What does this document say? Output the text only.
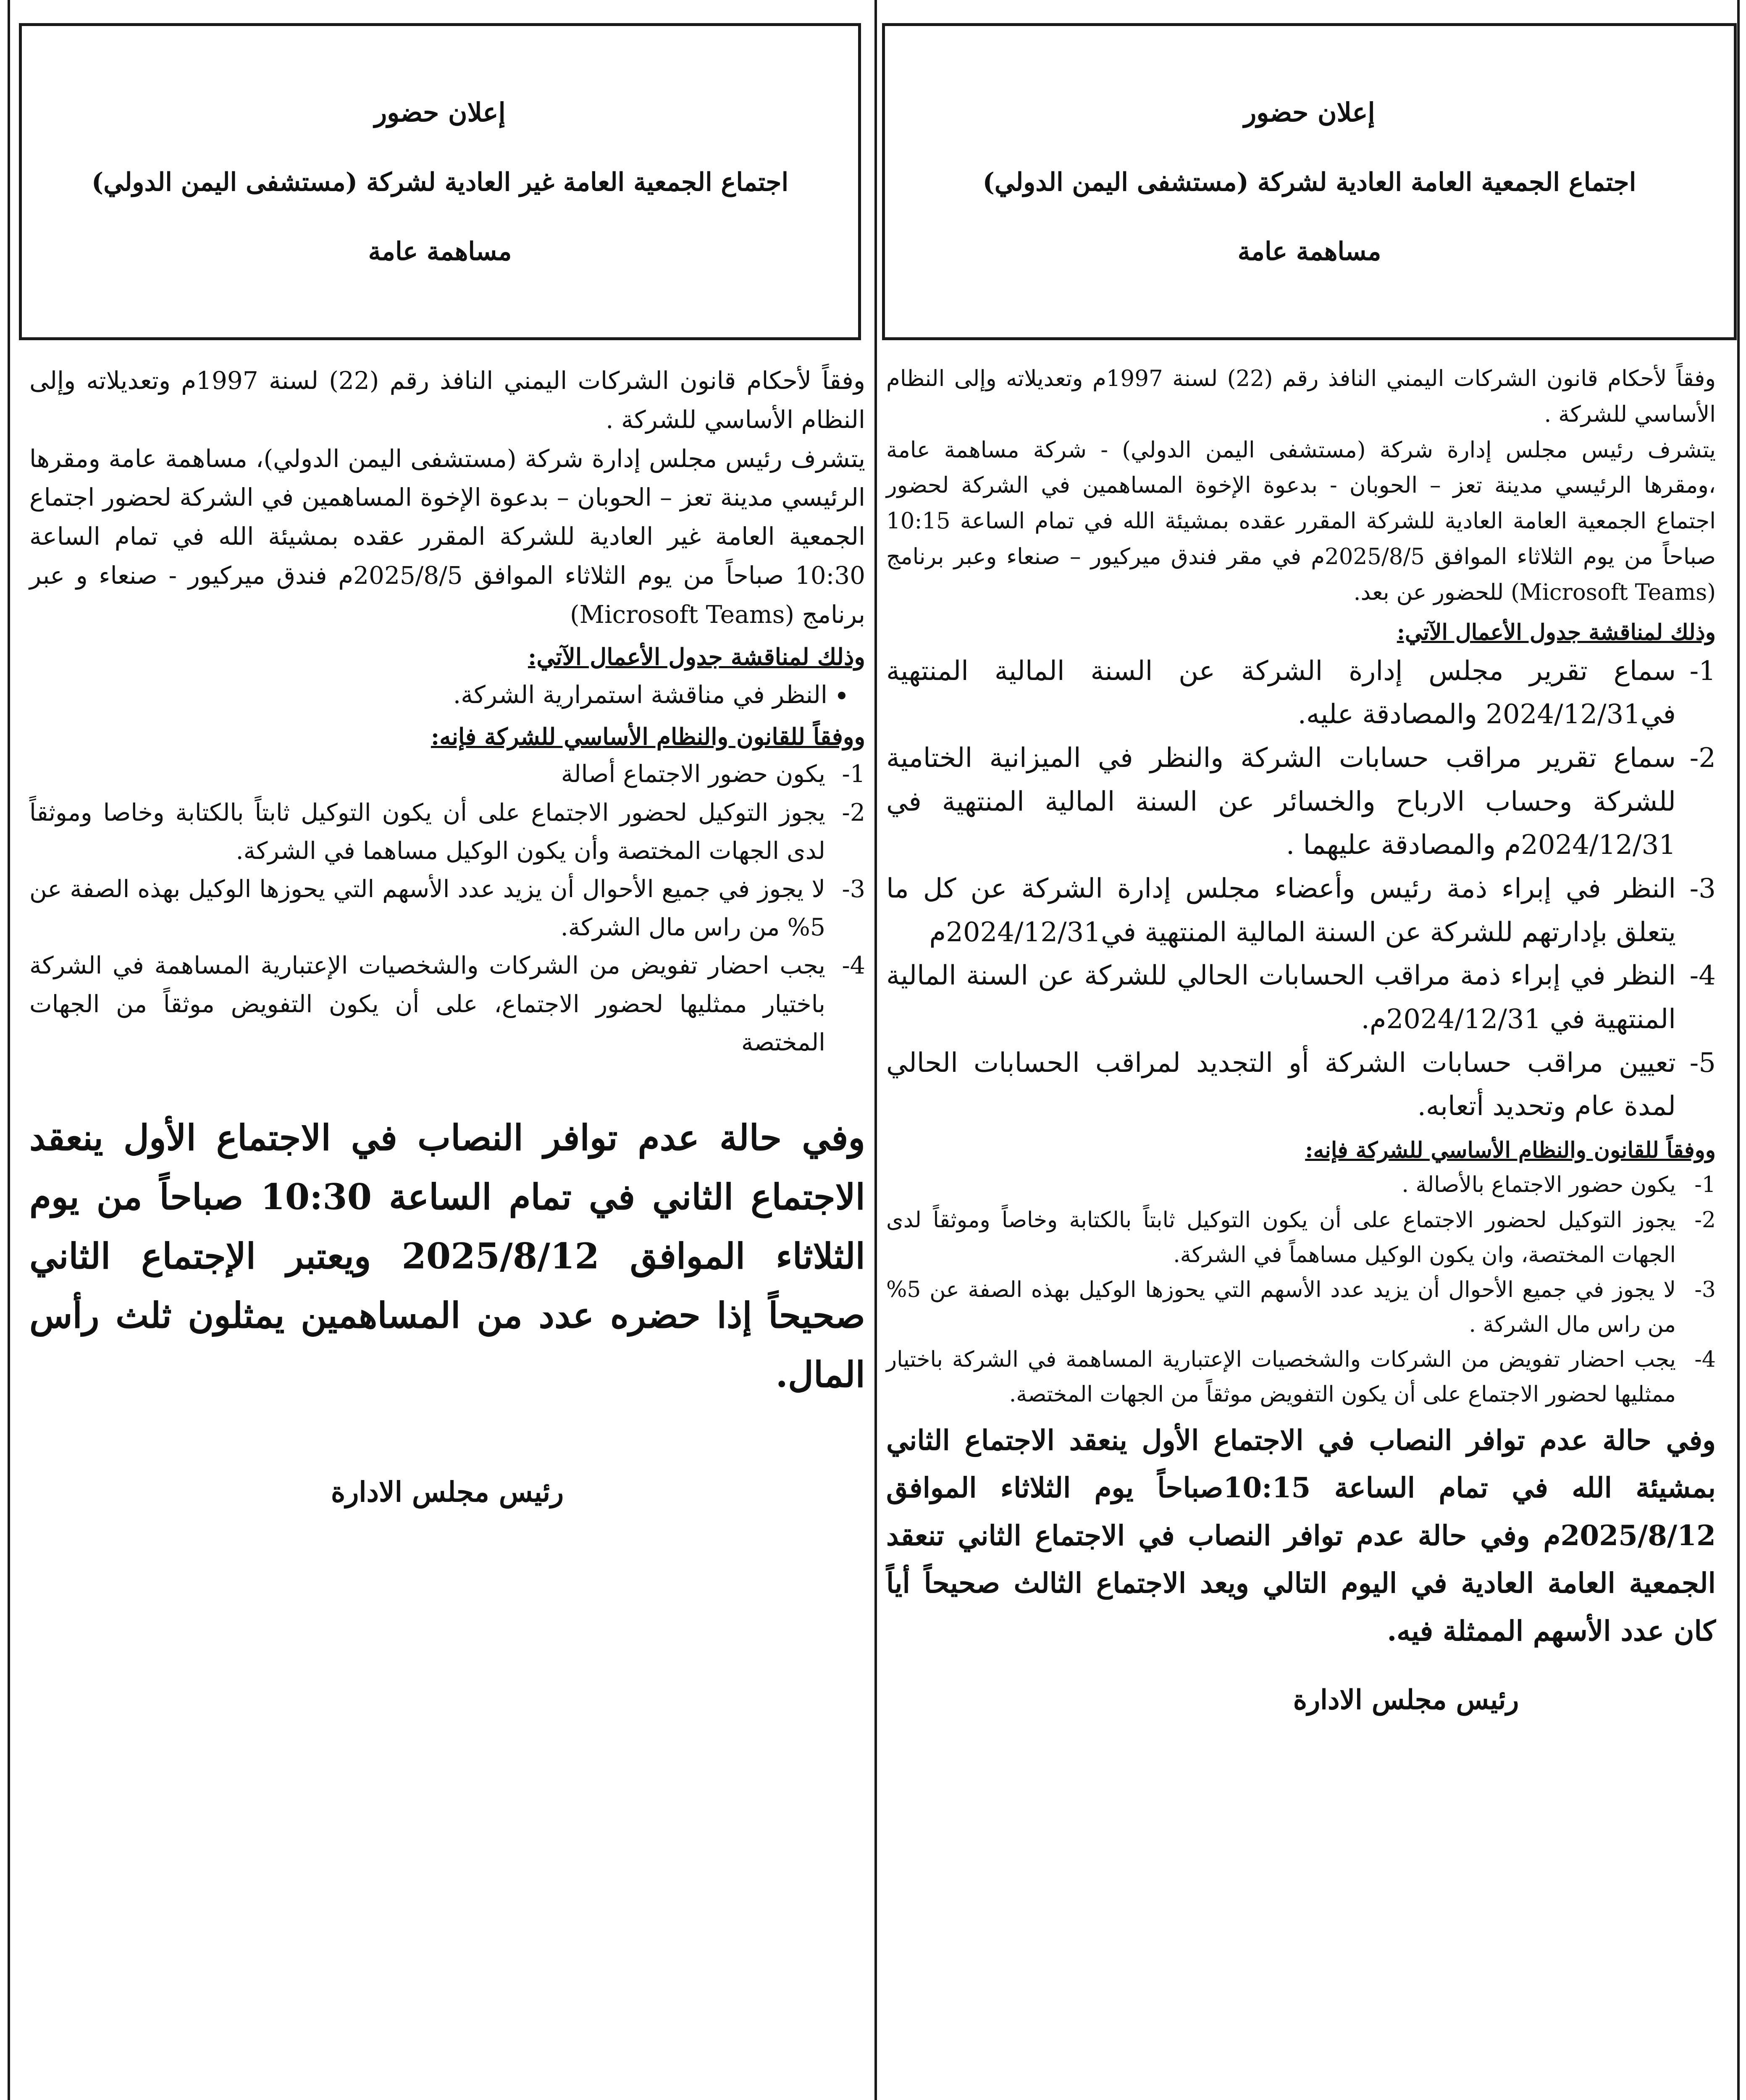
إعلان حضور
اجتماع الجمعية العامة العادية لشركة (مستشفى اليمن الدولي)
مساهمة عامة
إعلان حضور
اجتماع الجمعية العامة غير العادية لشركة (مستشفى اليمن الدولي)
مساهمة عامة

وفقاً لأحكام قانون الشركات اليمني النافذ رقم (22) لسنة 1997م وتعديلاته وإلى النظام الأساسي للشركة .

يتشرف رئيس مجلس إدارة شركة (مستشفى اليمن الدولي) - شركة مساهمة عامة ،ومقرها الرئيسي مدينة تعز – الحوبان - بدعوة الإخوة المساهمين في الشركة لحضور اجتماع الجمعية العامة العادية للشركة المقرر عقده بمشيئة الله في تمام الساعة 10:15 صباحاً من يوم الثلاثاء الموافق 2025/8/5م في مقر فندق ميركيور – صنعاء وعبر برنامج (Microsoft Teams) للحضور عن بعد.

وذلك لمناقشة جدول الأعمال الآتي:

1-
سماع تقرير مجلس إدارة الشركة عن السنة المالية المنتهية في2024/12/31 والمصادقة عليه.
2-
سماع تقرير مراقب حسابات الشركة والنظر في الميزانية الختامية للشركة وحساب الارباح والخسائر عن السنة المالية المنتهية في 2024/12/31م والمصادقة عليهما .
3-
النظر في إبراء ذمة رئيس وأعضاء مجلس إدارة الشركة عن كل ما يتعلق بإدارتهم للشركة عن السنة المالية المنتهية في2024/12/31م
4-
النظر في إبراء ذمة مراقب الحسابات الحالي للشركة عن السنة المالية المنتهية في 2024/12/31م.
5-
تعيين مراقب حسابات الشركة أو التجديد لمراقب الحسابات الحالي لمدة عام وتحديد أتعابه.

ووفقاً للقانون والنظام الأساسي للشركة فإنه:

1-
يكون حضور الاجتماع بالأصالة .
2-
يجوز التوكيل لحضور الاجتماع على أن يكون التوكيل ثابتاً بالكتابة وخاصاً وموثقاً لدى الجهات المختصة، وان يكون الوكيل مساهماً في الشركة.
3-
لا يجوز في جميع الأحوال أن يزيد عدد الأسهم التي يحوزها الوكيل بهذه الصفة عن 5% من راس مال الشركة .
4-
يجب احضار تفويض من الشركات والشخصيات الإعتبارية المساهمة في الشركة باختيار ممثليها لحضور الاجتماع على أن يكون التفويض موثقاً من الجهات المختصة.

وفي حالة عدم توافر النصاب في الاجتماع الأول ينعقد الاجتماع الثاني بمشيئة الله في تمام الساعة 10:15صباحاً يوم الثلاثاء الموافق 2025/8/12م وفي حالة عدم توافر النصاب في الاجتماع الثاني تنعقد الجمعية العامة العادية في اليوم التالي ويعد الاجتماع الثالث صحيحاً أياً كان عدد الأسهم الممثلة فيه.

رئيس مجلس الادارة

وفقاً لأحكام قانون الشركات اليمني النافذ رقم (22) لسنة 1997م وتعديلاته وإلى النظام الأساسي للشركة .

يتشرف رئيس مجلس إدارة شركة (مستشفى اليمن الدولي)، مساهمة عامة ومقرها الرئيسي مدينة تعز – الحوبان – بدعوة الإخوة المساهمين في الشركة لحضور اجتماع الجمعية العامة غير العادية للشركة المقرر عقده بمشيئة الله في تمام الساعة 10:30 صباحاً من يوم الثلاثاء الموافق 2025/8/5م فندق ميركيور - صنعاء و عبر برنامج (Microsoft Teams)

وذلك لمناقشة جدول الأعمال الآتي:

• النظر في مناقشة استمرارية الشركة.

ووفقاً للقانون والنظام الأساسي للشركة فإنه:

1-
يكون حضور الاجتماع أصالة
2-
يجوز التوكيل لحضور الاجتماع على أن يكون التوكيل ثابتاً بالكتابة وخاصا وموثقاً لدى الجهات المختصة وأن يكون الوكيل مساهما في الشركة.
3-
لا يجوز في جميع الأحوال أن يزيد عدد الأسهم التي يحوزها الوكيل بهذه الصفة عن 5% من راس مال الشركة.
4-
يجب احضار تفويض من الشركات والشخصيات الإعتبارية المساهمة في الشركة باختيار ممثليها لحضور الاجتماع، على أن يكون التفويض موثقاً من الجهات المختصة

وفي حالة عدم توافر النصاب في الاجتماع الأول ينعقد الاجتماع الثاني في تمام الساعة 10:30 صباحاً من يوم الثلاثاء الموافق 2025/8/12 ويعتبر الإجتماع الثاني صحيحاً إذا حضره عدد من المساهمين يمثلون ثلث رأس المال.

رئيس مجلس الادارة
